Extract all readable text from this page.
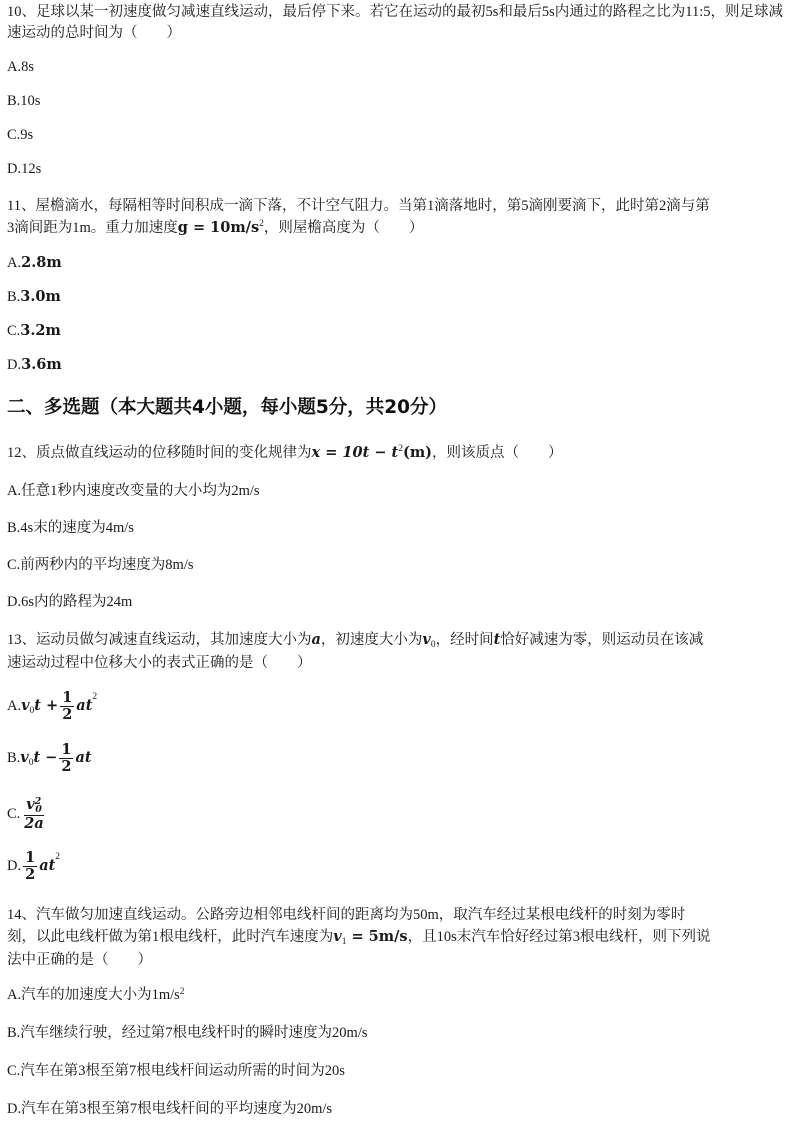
10、足球以某一初速度做匀减速直线运动，最后停下来。若它在运动的最初5s和最后5s内通过的路程之比为11:5，则足球减速运动的总时间为（　　）
A.8s
B.10s
C.9s
D.12s
11、屋檐滴水，每隔相等时间积成一滴下落，不计空气阻力。当第1滴落地时，第5滴刚要滴下，此时第2滴与第
3滴间距为1m。重力加速度$g = 10m/s^2$，则屋檐高度为（　　）
A.2.8m
B.3.0m
C.3.2m
D.3.6m
二、多选题（本大题共4小题，每小题5分，共20分）
12、质点做直线运动的位移随时间的变化规律为$x = 10t - t^2(m)$，则该质点（　　）
A.任意1秒内速度改变量的大小均为2m/s
B.4s末的速度为4m/s
C.前两秒内的平均速度为8m/s
D.6s内的路程为24m
13、运动员做匀减速直线运动，其加速度大小为a，初速度大小为$v_0$，经时间t恰好减速为零，则运动员在该减
速运动过程中位移大小的表式正确的是（　　）
$A.v_0t + \frac{1}{2} at^2$
$B.v_0t - \frac{1}{2}$ at
C. $\frac{v^2_0}{2a}$
D. $\frac{1}{2} at^2$
14、汽车做匀加速直线运动。公路旁边相邻电线杆间的距离均为50m，取汽车经过某根电线杆的时刻为零时
刻，以此电线杆做为第1根电线杆，此时汽车速度为$v_1 = 5m/s$，且10s末汽车恰好经过第3根电线杆，则下列说
法中正确的是（　　）
A.汽车的加速度大小为$1m/s^2$
B.汽车继续行驶，经过第7根电线杆时的瞬时速度为20m/s
C.汽车在第3根至第7根电线杆间运动所需的时间为20s
D.汽车在第3根至第7根电线杆间的平均速度为20m/s
